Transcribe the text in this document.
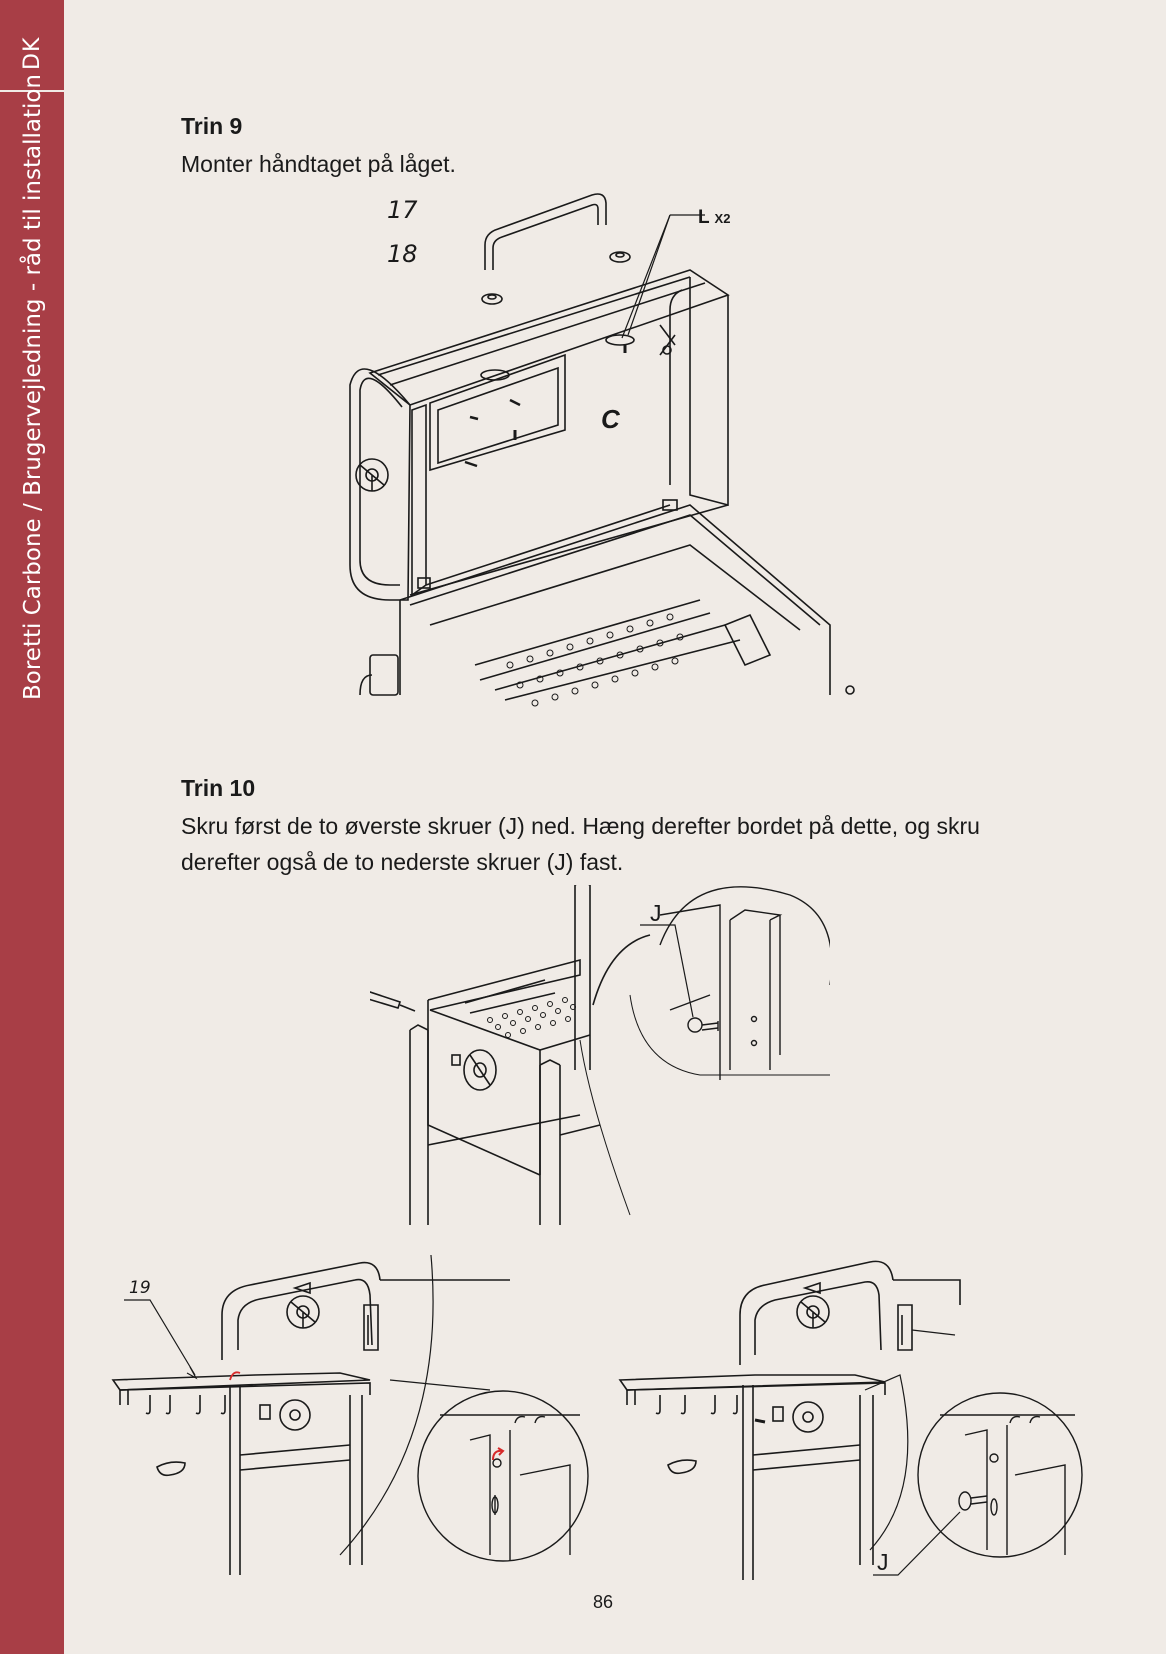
DK
Boretti Carbone / Brugervejledning - råd til installation	Trin 9
Monter håndtaget på låget.
17
18
L X2
C
Trin 10
Skru først de to øverste skruer (J) ned. Hæng derefter bordet på dette, og skru derefter også de to nederste skruer (J) fast.
J
19
J
86
